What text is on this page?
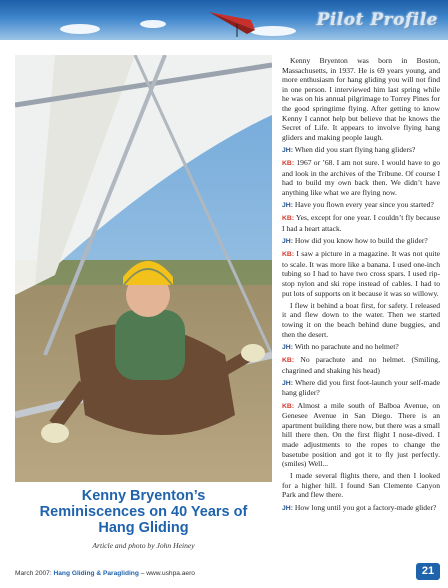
Pilot Profile
Kenny Bryenton’s
Reminiscences on 40 Years of
Hang Gliding
Article and photo by John Heiney

Kenny Bryenton was born in Boston, Massachusetts, in 1937. He is 69 years young, and more enthusiasm for hang gliding you will not find in one person. I interviewed him last spring while he was on his annual pilgrimage to Torrey Pines for the good springtime flying. After getting to know Kenny I cannot help but believe that he knows the Secret of Life. It appears to involve flying hang gliders and making people laugh.

JH: When did you start flying hang gliders?

KB: 1967 or ’68. I am not sure. I would have to go and look in the archives of the Tribune. Of course I had to build my own back then. We didn’t have anything like what we are flying now.

JH: Have you flown every year since you started?

KB: Yes, except for one year. I couldn’t fly because I had a heart attack.

JH: How did you know how to build the glider?

KB: I saw a picture in a magazine. It was not quite to scale. It was more like a banana. I used one-inch tubing so I had to have two cross spars. I used rip-stop nylon and ski rope instead of cables. I had to put lots of supports on it because it was so willowy.

I flew it behind a boat first, for safety. I released it and flew down to the water. Then we started towing it on the beach behind dune buggies, and then the desert.

JH: With no parachute and no helmet?

KB: No parachute and no helmet. (Smiling, chagrined and shaking his head)

JH: Where did you first foot-launch your self-made hang glider?

KB: Almost a mile south of Balboa Avenue, on Genesee Avenue in San Diego. There is an apartment building there now, but there was a small hill there then. On the first flight I nose-dived. I made adjustments to the ropes to change the basetube position and got it to fly just perfectly. (smiles) Well...

I made several flights there, and then I looked for a higher hill. I found San Clemente Canyon Park and flew there.

JH: How long until you got a factory-made glider?

March 2007: Hang Gliding & Paragliding – www.ushpa.aero	21
